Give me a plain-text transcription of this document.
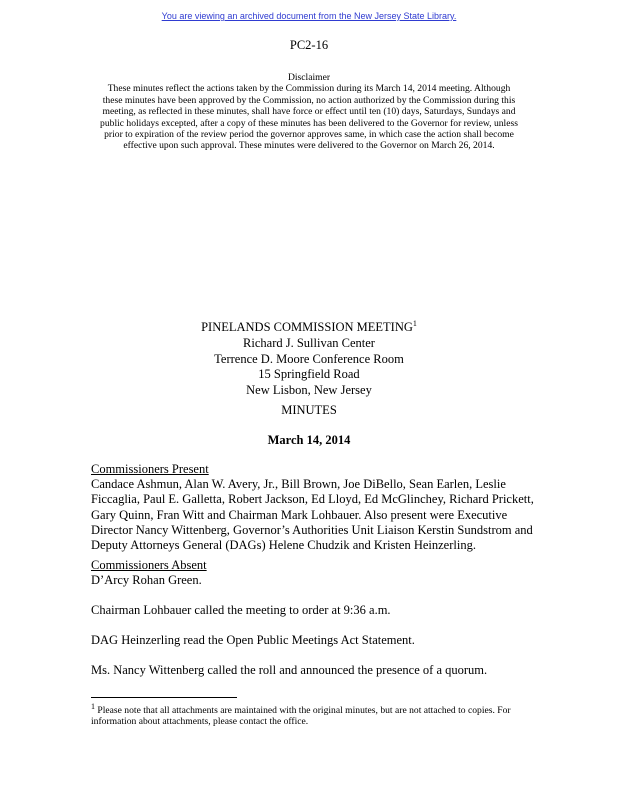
You are viewing an archived document from the New Jersey State Library.
PC2-16

Disclaimer

These minutes reflect the actions taken by the Commission during its March 14, 2014 meeting. Although

these minutes have been approved by the Commission, no action authorized by the Commission during this

meeting, as reflected in these minutes, shall have force or effect until ten (10) days, Saturdays, Sundays and

public holidays excepted, after a copy of these minutes has been delivered to the Governor for review, unless

prior to expiration of the review period the governor approves same, in which case the action shall become

effective upon such approval. These minutes were delivered to the Governor on March 26, 2014.

PINELANDS COMMISSION MEETING$^1$
Richard J. Sullivan Center
Terrence D. Moore Conference Room
15 Springfield Road
New Lisbon, New Jersey
MINUTES
March 14, 2014

Commissioners Present

Candace Ashmun, Alan W. Avery, Jr., Bill Brown, Joe DiBello, Sean Earlen, Leslie

Ficcaglia, Paul E. Galletta, Robert Jackson, Ed Lloyd, Ed McGlinchey, Richard Prickett,

Gary Quinn, Fran Witt and Chairman Mark Lohbauer. Also present were Executive

Director Nancy Wittenberg, Governor’s Authorities Unit Liaison Kerstin Sundstrom and

Deputy Attorneys General (DAGs) Helene Chudzik and Kristen Heinzerling.

Commissioners Absent

D’Arcy Rohan Green.

Chairman Lohbauer called the meeting to order at 9:36 a.m.
DAG Heinzerling read the Open Public Meetings Act Statement.
Ms. Nancy Wittenberg called the roll and announced the presence of a quorum.
$^1$ Please note that all attachments are maintained with the original minutes, but are not attached to copies. For
information about attachments, please contact the office.
